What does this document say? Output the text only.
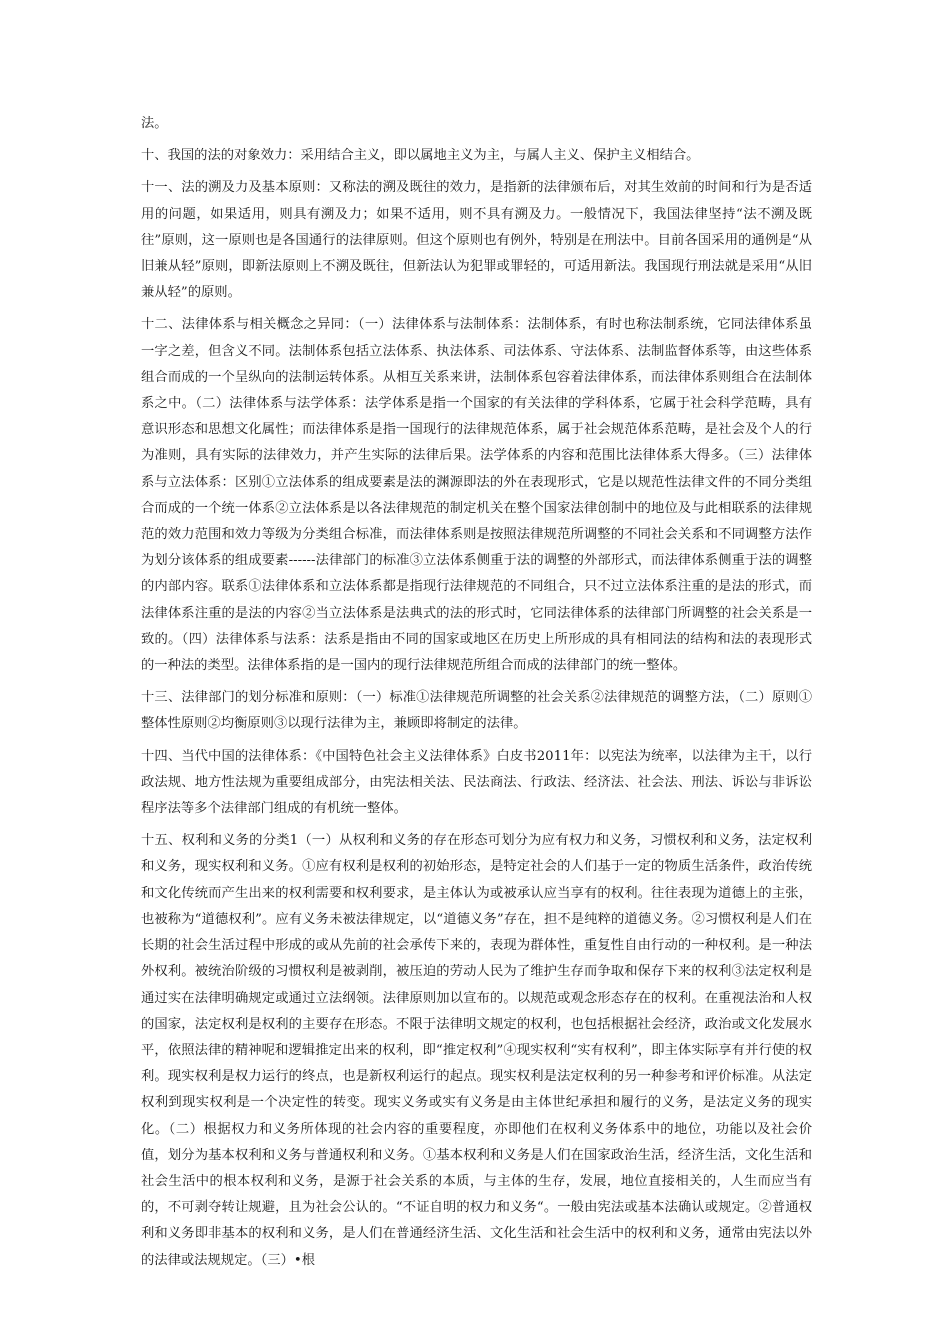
法。

十、我国的法的对象效力：采用结合主义，即以属地主义为主，与属人主义、保护主义相结合。

十一、法的溯及力及基本原则：又称法的溯及既往的效力，是指新的法律颁布后，对其生效前的时间和行为是否适用的问题，如果适用，则具有溯及力；如果不适用，则不具有溯及力。一般情况下，我国法律坚持“法不溯及既往”原则，这一原则也是各国通行的法律原则。但这个原则也有例外，特别是在刑法中。目前各国采用的通例是“从旧兼从轻”原则，即新法原则上不溯及既往，但新法认为犯罪或罪轻的，可适用新法。我国现行刑法就是采用“从旧兼从轻”的原则。

十二、法律体系与相关概念之异同：（一）法律体系与法制体系：法制体系，有时也称法制系统，它同法律体系虽一字之差，但含义不同。法制体系包括立法体系、执法体系、司法体系、守法体系、法制监督体系等，由这些体系组合而成的一个呈纵向的法制运转体系。从相互关系来讲，法制体系包容着法律体系，而法律体系则组合在法制体系之中。（二）法律体系与法学体系：法学体系是指一个国家的有关法律的学科体系，它属于社会科学范畴，具有意识形态和思想文化属性；而法律体系是指一国现行的法律规范体系，属于社会规范体系范畴，是社会及个人的行为准则，具有实际的法律效力，并产生实际的法律后果。法学体系的内容和范围比法律体系大得多。（三）法律体系与立法体系：区别①立法体系的组成要素是法的渊源即法的外在表现形式，它是以规范性法律文件的不同分类组合而成的一个统一体系②立法体系是以各法律规范的制定机关在整个国家法律创制中的地位及与此相联系的法律规范的效力范围和效力等级为分类组合标准，而法律体系则是按照法律规范所调整的不同社会关系和不同调整方法作为划分该体系的组成要素------法律部门的标准③立法体系侧重于法的调整的外部形式，而法律体系侧重于法的调整的内部内容。联系①法律体系和立法体系都是指现行法律规范的不同组合，只不过立法体系注重的是法的形式，而法律体系注重的是法的内容②当立法体系是法典式的法的形式时，它同法律体系的法律部门所调整的社会关系是一致的。（四）法律体系与法系：法系是指由不同的国家或地区在历史上所形成的具有相同法的结构和法的表现形式的一种法的类型。法律体系指的是一国内的现行法律规范所组合而成的法律部门的统一整体。

十三、法律部门的划分标准和原则：（一）标准①法律规范所调整的社会关系②法律规范的调整方法，（二）原则①整体性原则②均衡原则③以现行法律为主，兼顾即将制定的法律。

十四、当代中国的法律体系：《中国特色社会主义法律体系》白皮书2011年：以宪法为统率，以法律为主干，以行政法规、地方性法规为重要组成部分，由宪法相关法、民法商法、行政法、经济法、社会法、刑法、诉讼与非诉讼程序法等多个法律部门组成的有机统一整体。

十五、权利和义务的分类1（一）从权利和义务的存在形态可划分为应有权力和义务，习惯权利和义务，法定权利和义务，现实权利和义务。①应有权利是权利的初始形态，是特定社会的人们基于一定的物质生活条件，政治传统和文化传统而产生出来的权利需要和权利要求，是主体认为或被承认应当享有的权利。往往表现为道德上的主张，也被称为“道德权利”。应有义务未被法律规定，以“道德义务”存在，担不是纯粹的道德义务。②习惯权利是人们在长期的社会生活过程中形成的或从先前的社会承传下来的，表现为群体性，重复性自由行动的一种权利。是一种法外权利。被统治阶级的习惯权利是被剥削，被压迫的劳动人民为了维护生存而争取和保存下来的权利③法定权利是通过实在法律明确规定或通过立法纲领。法律原则加以宣布的。以规范或观念形态存在的权利。在重视法治和人权的国家，法定权利是权利的主要存在形态。不限于法律明文规定的权利，也包括根据社会经济，政治或文化发展水平，依照法律的精神呢和逻辑推定出来的权利，即“推定权利”④现实权利“实有权利”，即主体实际享有并行使的权利。现实权利是权力运行的终点，也是新权利运行的起点。现实权利是法定权利的另一种参考和评价标准。从法定权利到现实权利是一个决定性的转变。现实义务或实有义务是由主体世纪承担和履行的义务，是法定义务的现实化。（二）根据权力和义务所体现的社会内容的重要程度，亦即他们在权利义务体系中的地位，功能以及社会价值，划分为基本权利和义务与普通权利和义务。①基本权利和义务是人们在国家政治生活，经济生活，文化生活和社会生活中的根本权利和义务，是源于社会关系的本质，与主体的生存，发展，地位直接相关的，人生而应当有的，不可剥夺转让规避，且为社会公认的。“不证自明的权力和义务“。一般由宪法或基本法确认或规定。②普通权利和义务即非基本的权利和义务，是人们在普通经济生活、文化生活和社会生活中的权利和义务，通常由宪法以外的法律或法规规定。（三）•根
